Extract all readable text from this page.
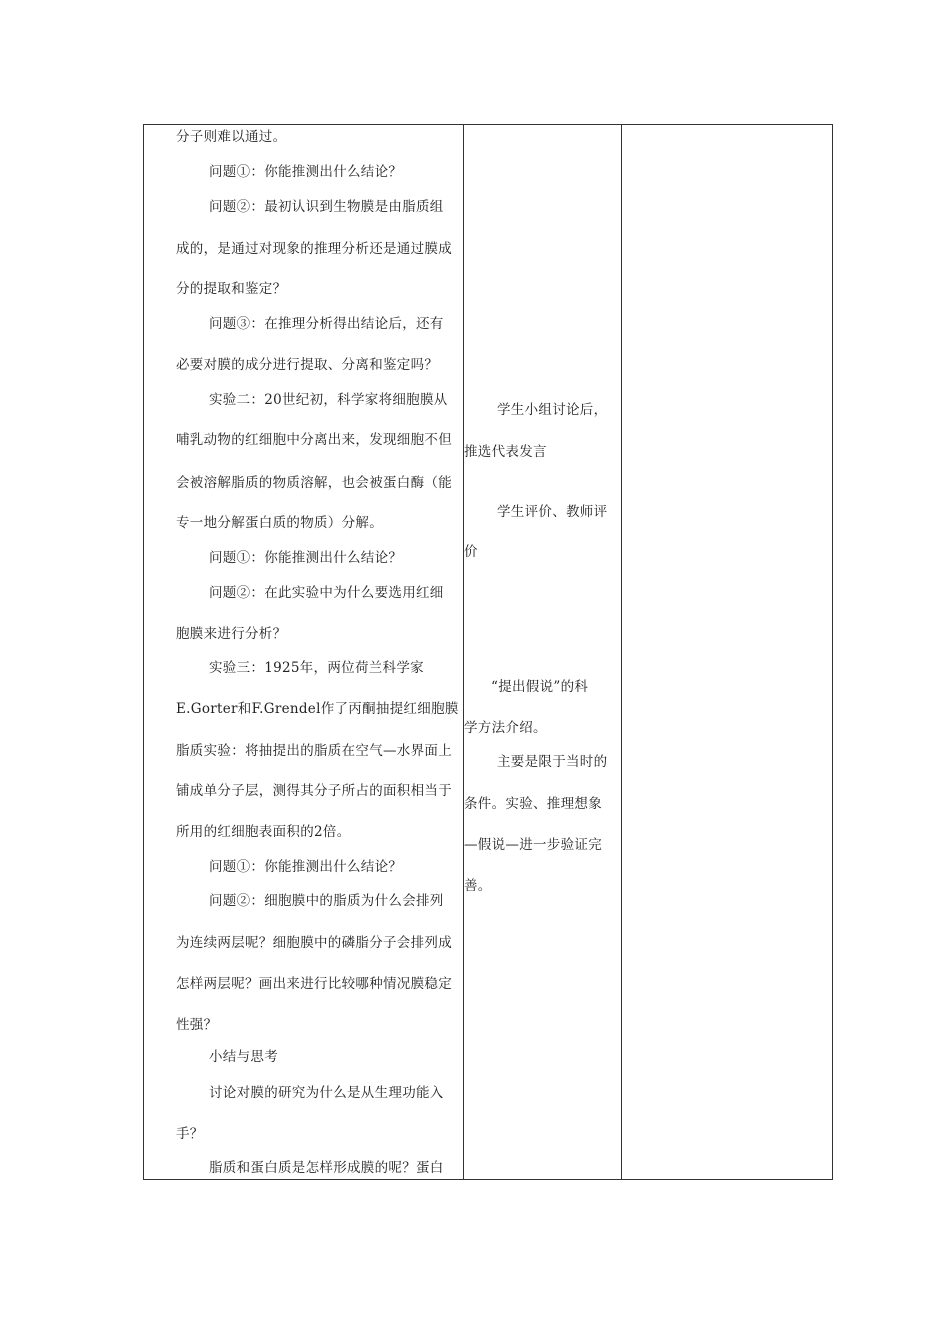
分子则难以通过。
问题①：你能推测出什么结论？
问题②：最初认识到生物膜是由脂质组
成的，是通过对现象的推理分析还是通过膜成
分的提取和鉴定？
问题③：在推理分析得出结论后，还有
必要对膜的成分进行提取、分离和鉴定吗？
实验二：20世纪初，科学家将细胞膜从
哺乳动物的红细胞中分离出来，发现细胞不但
会被溶解脂质的物质溶解，也会被蛋白酶（能
专一地分解蛋白质的物质）分解。
问题①：你能推测出什么结论？
问题②：在此实验中为什么要选用红细
胞膜来进行分析？
实验三：1925年，两位荷兰科学家
E.Gorter和F.Grendel作了丙酮抽提红细胞膜
脂质实验：将抽提出的脂质在空气—水界面上
铺成单分子层，测得其分子所占的面积相当于
所用的红细胞表面积的2倍。
问题①：你能推测出什么结论？
问题②：细胞膜中的脂质为什么会排列
为连续两层呢？细胞膜中的磷脂分子会排列成
怎样两层呢？画出来进行比较哪种情况膜稳定
性强？
小结与思考
讨论对膜的研究为什么是从生理功能入
手？
脂质和蛋白质是怎样形成膜的呢？蛋白
学生小组讨论后，
推选代表发言
学生评价、教师评
价
“提出假说”的科
学方法介绍。
主要是限于当时的
条件。实验、推理想象
—假说—进一步验证完
善。
